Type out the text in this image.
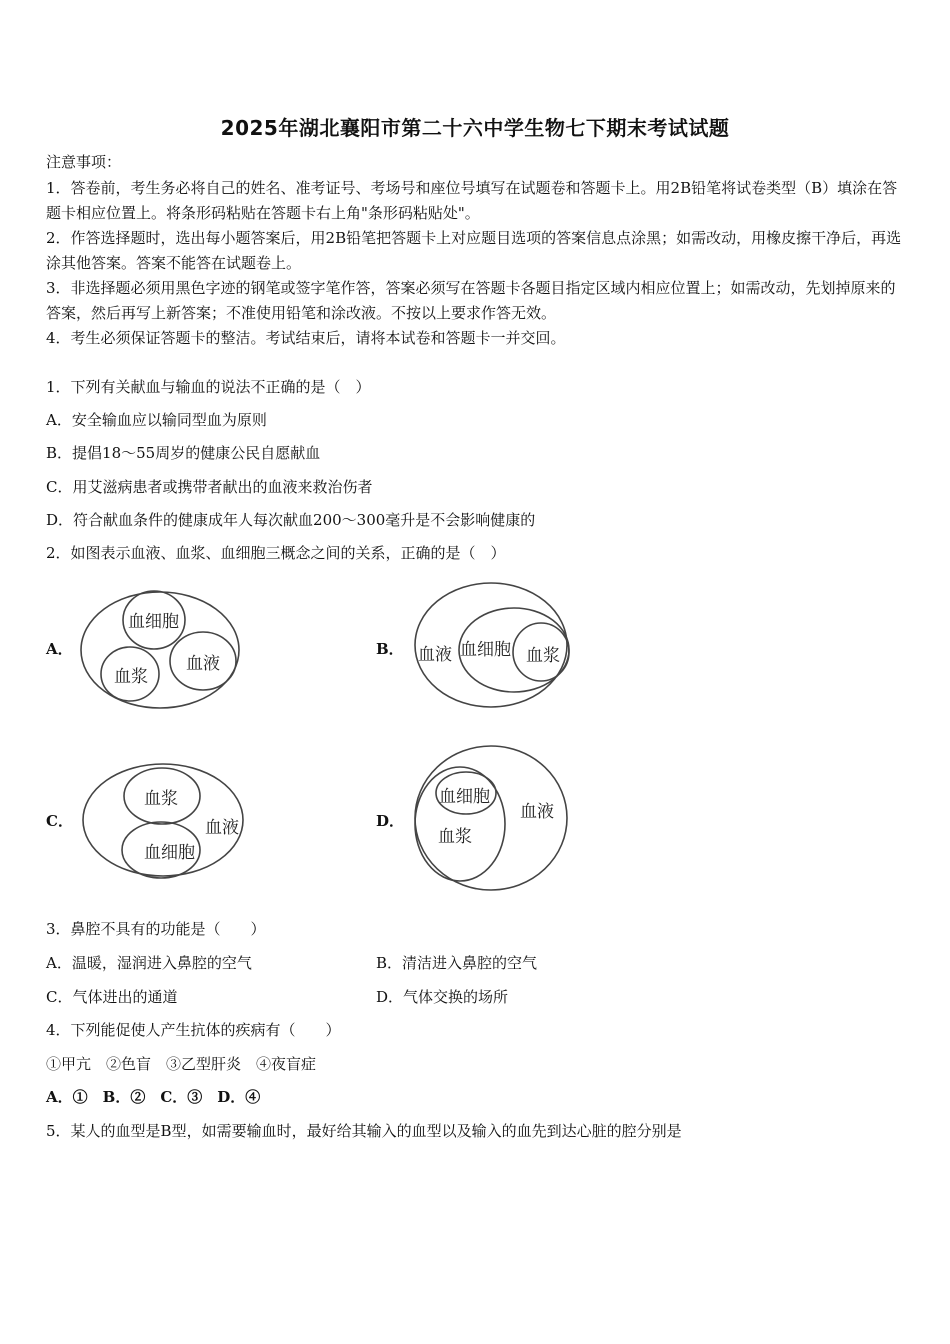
2025年湖北襄阳市第二十六中学生物七下期末考试试题
注意事项：
1．答卷前，考生务必将自己的姓名、准考证号、考场号和座位号填写在试题卷和答题卡上。用2B铅笔将试卷类型（B）填涂在答题卡相应位置上。将条形码粘贴在答题卡右上角"条形码粘贴处"。
2．作答选择题时，选出每小题答案后，用2B铅笔把答题卡上对应题目选项的答案信息点涂黑；如需改动，用橡皮擦干净后，再选涂其他答案。答案不能答在试题卷上。
3．非选择题必须用黑色字迹的钢笔或签字笔作答，答案必须写在答题卡各题目指定区域内相应位置上；如需改动，先划掉原来的答案，然后再写上新答案；不准使用铅笔和涂改液。不按以上要求作答无效。
4．考生必须保证答题卡的整洁。考试结束后，请将本试卷和答题卡一并交回。
1．下列有关献血与输血的说法不正确的是（　）
A．安全输血应以输同型血为原则
B．提倡18～55周岁的健康公民自愿献血
C．用艾滋病患者或携带者献出的血液来救治伤者
D．符合献血条件的健康成年人每次献血200～300毫升是不会影响健康的
2．如图表示血液、血浆、血细胞三概念之间的关系，正确的是（　）
A．	B．
C．	D．
血细胞
血浆
血液	血液 血细胞 血浆
血浆
血液
血细胞
血细胞
血液
血浆
3．鼻腔不具有的功能是（　　）
A．温暖，湿润进入鼻腔的空气	B．清洁进入鼻腔的空气
C．气体进出的通道	D．气体交换的场所
4．下列能促使人产生抗体的疾病有（　　）
①甲亢　②色盲　③乙型肝炎　④夜盲症
A．①　B．②　C．③　D．④
5．某人的血型是B型，如需要输血时，最好给其输入的血型以及输入的血先到达心脏的腔分别是
